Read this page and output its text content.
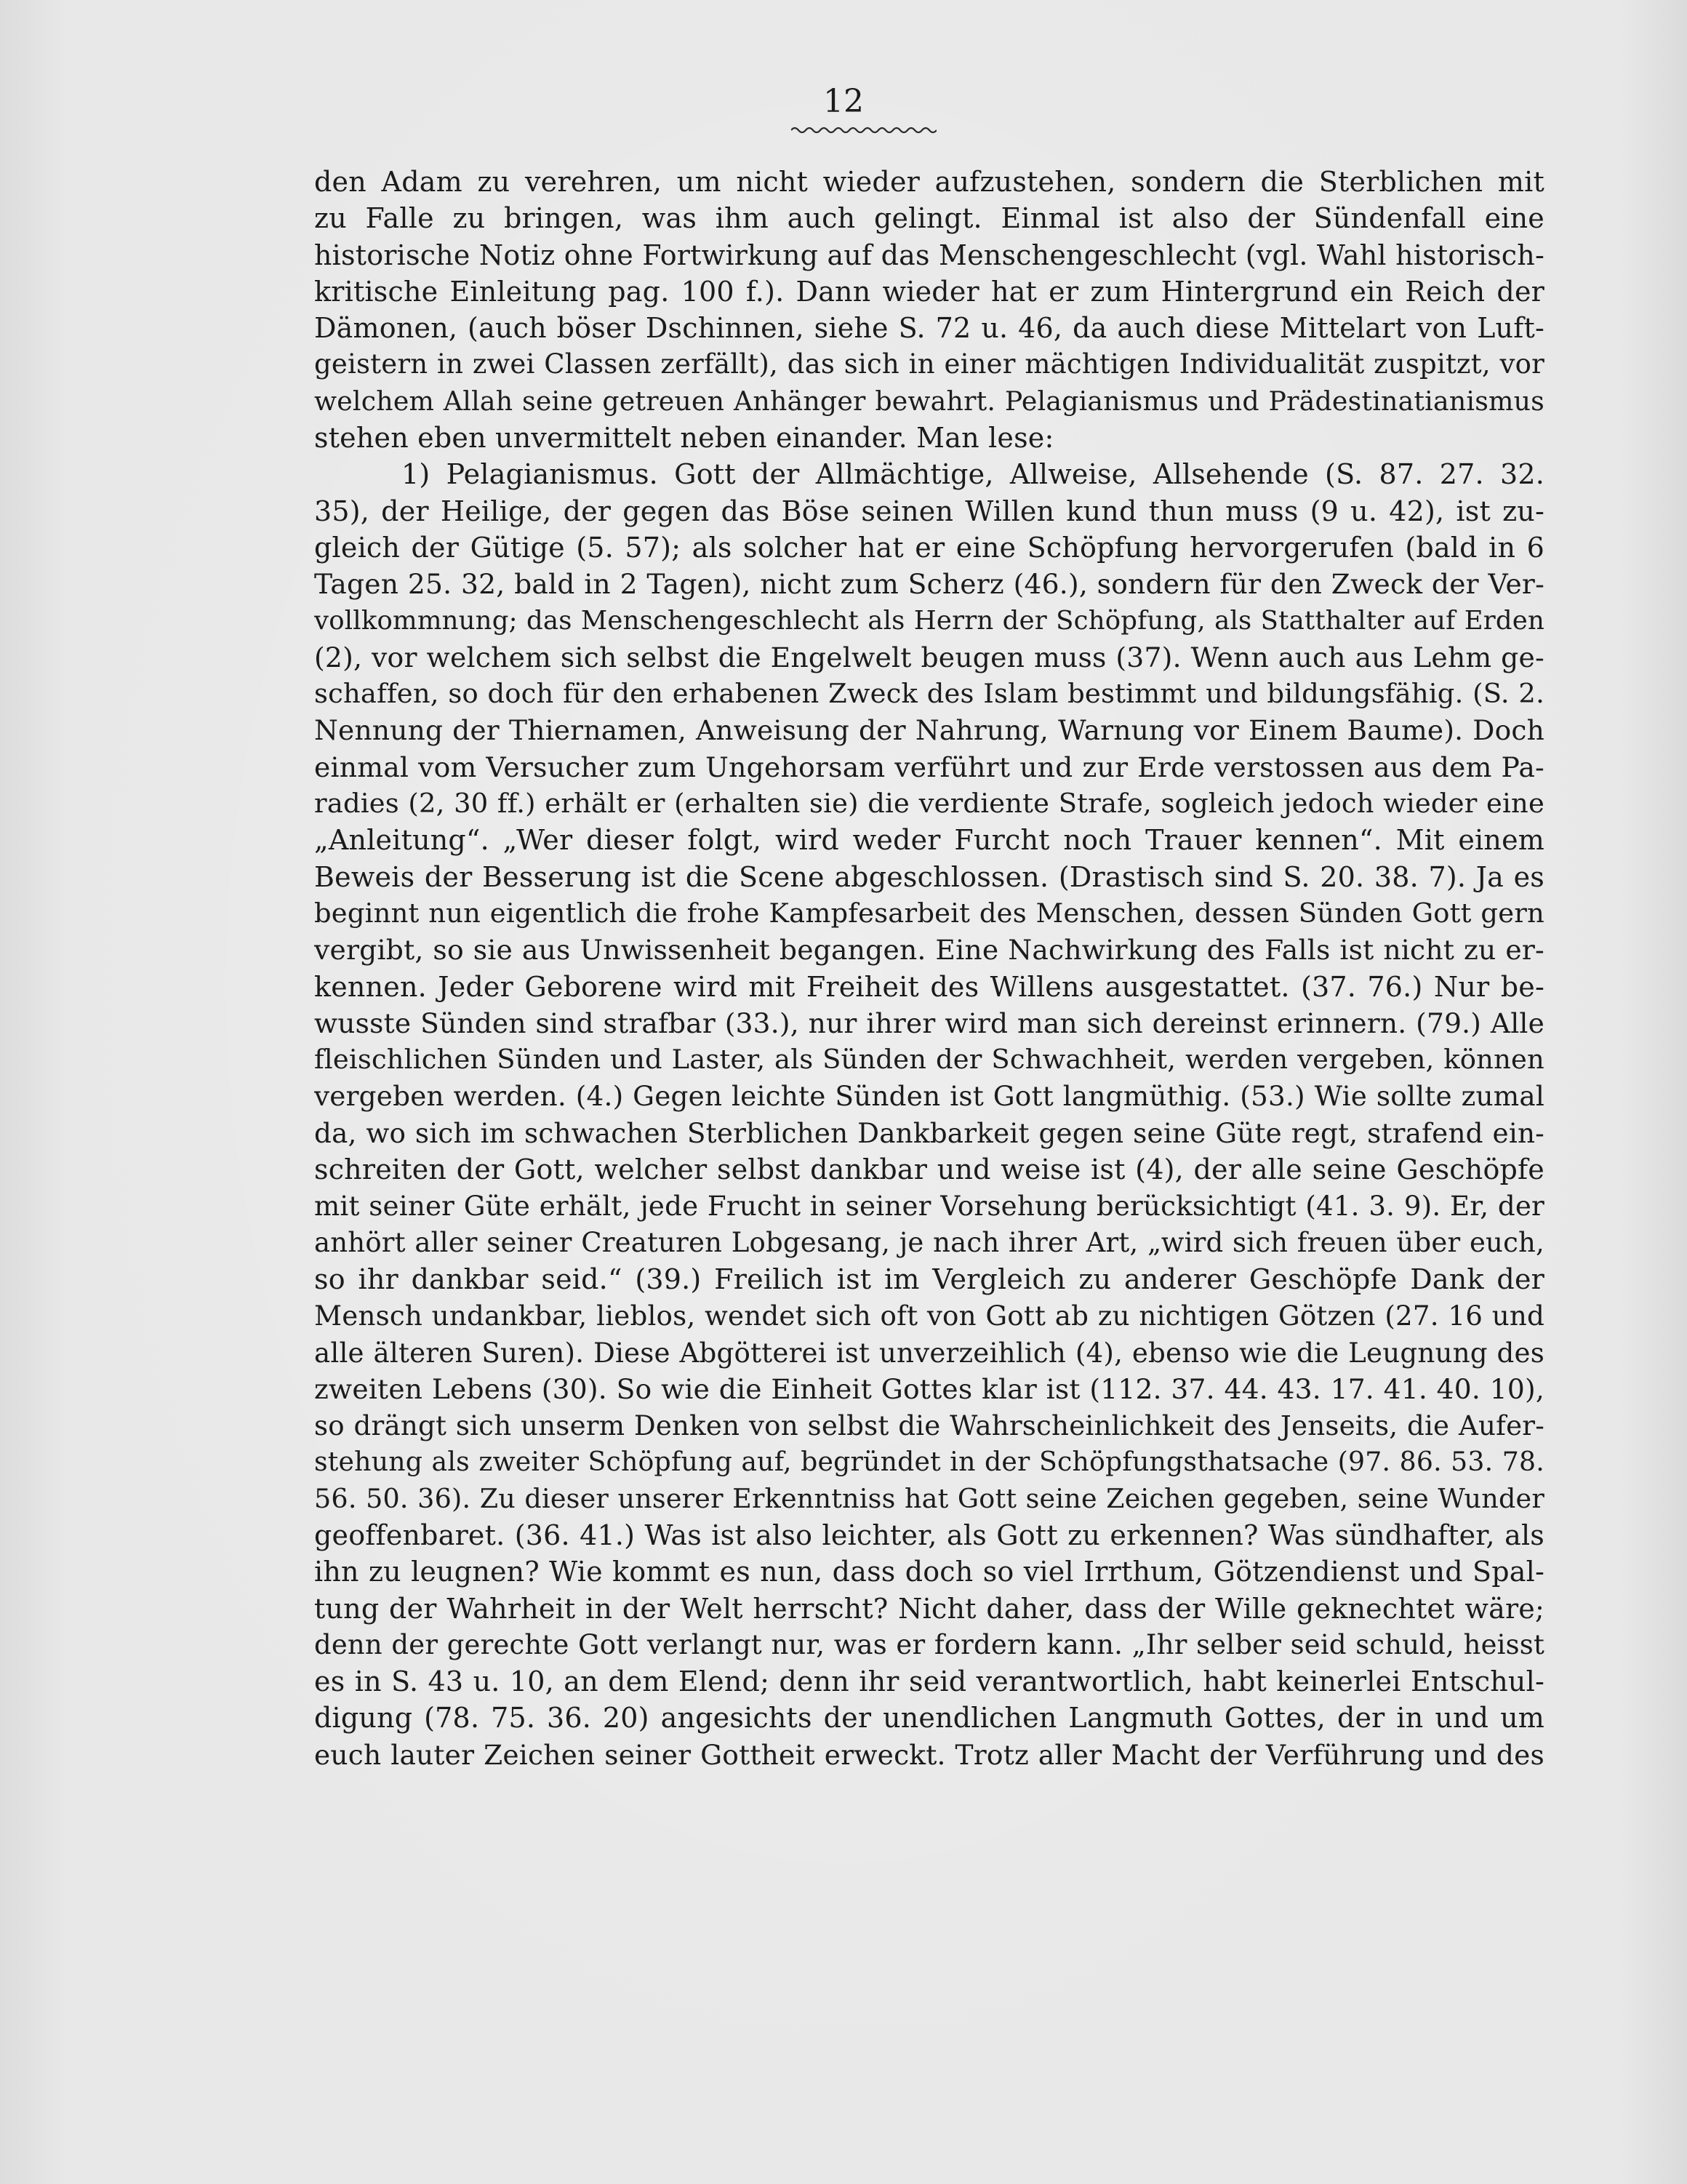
12
den Adam zu verehren, um nicht wieder aufzustehen, sondern die Sterblichen mit
zu Falle zu bringen, was ihm auch gelingt. Einmal ist also der Sündenfall eine
historische Notiz ohne Fortwirkung auf das Menschengeschlecht (vgl. Wahl historisch-
kritische Einleitung pag. 100 f.). Dann wieder hat er zum Hintergrund ein Reich der
Dämonen, (auch böser Dschinnen, siehe S. 72 u. 46, da auch diese Mittelart von Luft-
geistern in zwei Classen zerfällt), das sich in einer mächtigen Individualität zuspitzt, vor
welchem Allah seine getreuen Anhänger bewahrt. Pelagianismus und Prädestinatianismus
stehen eben unvermittelt neben einander. Man lese:
1) Pelagianismus. Gott der Allmächtige, Allweise, Allsehende (S. 87. 27. 32.
35), der Heilige, der gegen das Böse seinen Willen kund thun muss (9 u. 42), ist zu-
gleich der Gütige (5. 57); als solcher hat er eine Schöpfung hervorgerufen (bald in 6
Tagen 25. 32, bald in 2 Tagen), nicht zum Scherz (46.), sondern für den Zweck der Ver-
vollkommnung; das Menschengeschlecht als Herrn der Schöpfung, als Statthalter auf Erden
(2), vor welchem sich selbst die Engelwelt beugen muss (37). Wenn auch aus Lehm ge-
schaffen, so doch für den erhabenen Zweck des Islam bestimmt und bildungsfähig. (S. 2.
Nennung der Thiernamen, Anweisung der Nahrung, Warnung vor Einem Baume). Doch
einmal vom Versucher zum Ungehorsam verführt und zur Erde verstossen aus dem Pa-
radies (2, 30 ff.) erhält er (erhalten sie) die verdiente Strafe, sogleich jedoch wieder eine
„Anleitung“. „Wer dieser folgt, wird weder Furcht noch Trauer kennen“. Mit einem
Beweis der Besserung ist die Scene abgeschlossen. (Drastisch sind S. 20. 38. 7). Ja es
beginnt nun eigentlich die frohe Kampfesarbeit des Menschen, dessen Sünden Gott gern
vergibt, so sie aus Unwissenheit begangen. Eine Nachwirkung des Falls ist nicht zu er-
kennen. Jeder Geborene wird mit Freiheit des Willens ausgestattet. (37. 76.) Nur be-
wusste Sünden sind strafbar (33.), nur ihrer wird man sich dereinst erinnern. (79.) Alle
fleischlichen Sünden und Laster, als Sünden der Schwachheit, werden vergeben, können
vergeben werden. (4.) Gegen leichte Sünden ist Gott langmüthig. (53.) Wie sollte zumal
da, wo sich im schwachen Sterblichen Dankbarkeit gegen seine Güte regt, strafend ein-
schreiten der Gott, welcher selbst dankbar und weise ist (4), der alle seine Geschöpfe
mit seiner Güte erhält, jede Frucht in seiner Vorsehung berücksichtigt (41. 3. 9). Er, der
anhört aller seiner Creaturen Lobgesang, je nach ihrer Art, „wird sich freuen über euch,
so ihr dankbar seid.“ (39.) Freilich ist im Vergleich zu anderer Geschöpfe Dank der
Mensch undankbar, lieblos, wendet sich oft von Gott ab zu nichtigen Götzen (27. 16 und
alle älteren Suren). Diese Abgötterei ist unverzeihlich (4), ebenso wie die Leugnung des
zweiten Lebens (30). So wie die Einheit Gottes klar ist (112. 37. 44. 43. 17. 41. 40. 10),
so drängt sich unserm Denken von selbst die Wahrscheinlichkeit des Jenseits, die Aufer-
stehung als zweiter Schöpfung auf, begründet in der Schöpfungsthatsache (97. 86. 53. 78.
56. 50. 36). Zu dieser unserer Erkenntniss hat Gott seine Zeichen gegeben, seine Wunder
geoffenbaret. (36. 41.) Was ist also leichter, als Gott zu erkennen? Was sündhafter, als
ihn zu leugnen? Wie kommt es nun, dass doch so viel Irrthum, Götzendienst und Spal-
tung der Wahrheit in der Welt herrscht? Nicht daher, dass der Wille geknechtet wäre;
denn der gerechte Gott verlangt nur, was er fordern kann. „Ihr selber seid schuld, heisst
es in S. 43 u. 10, an dem Elend; denn ihr seid verantwortlich, habt keinerlei Entschul-
digung (78. 75. 36. 20) angesichts der unendlichen Langmuth Gottes, der in und um
euch lauter Zeichen seiner Gottheit erweckt. Trotz aller Macht der Verführung und des
